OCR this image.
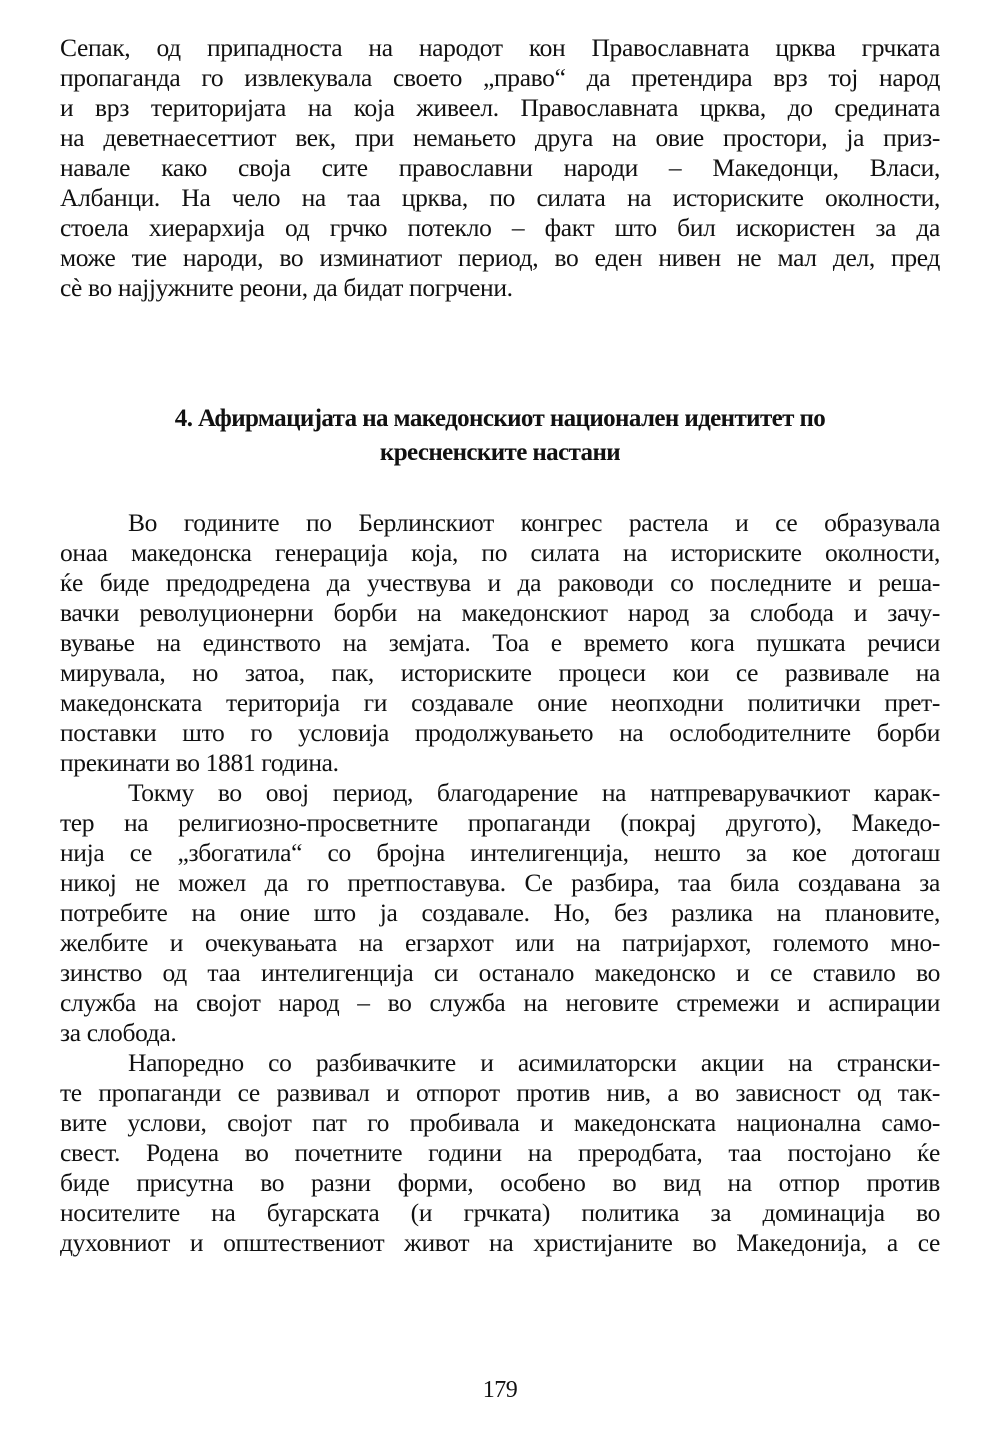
Сепак, од припадноста на народот кон Православната црква грчката
пропаганда го извлекувала своето „право“ да претендира врз тој народ
и врз територијата на која живеел. Православната црква, до средината
на деветнаесеттиот век, при немањето друга на овие простори, ја приз-
навале како своја сите православни народи – Македонци, Власи,
Албанци. На чело на таа црква, по силата на историските околности,
стоела хиерархија од грчко потекло – факт што бил искористен за да
може тие народи, во изминатиот период, во еден нивен не мал дел, пред
сè во најјужните реони, да бидат погрчени.
4. Афирмацијата на македонскиот национален идентитет по
кресненските настани
Во годините по Берлинскиот конгрес растела и се образувала
онаа македонска генерација која, по силата на историските околности,
ќе биде предодредена да учествува и да раководи со последните и реша-
вачки револуционерни борби на македонскиот народ за слобода и зачу-
вување на единството на земјата. Тоа е времето кога пушката речиси
мирувала, но затоа, пак, историските процеси кои се развивале на
македонската територија ги создавале оние неопходни политички прет-
поставки што го условија продолжувањето на ослободителните борби
прекинати во 1881 година.
Токму во овој период, благодарение на натпреварувачкиот карак-
тер на религиозно-просветните пропаганди (покрај другото), Македо-
нија се „збогатила“ со бројна интелигенција, нешто за кое дотогаш
никој не можел да го претпоставува. Се разбира, таа била создавана за
потребите на оние што ја создавале. Но, без разлика на плановите,
желбите и очекувањата на егзархот или на патријархот, големото мно-
зинство од таа интелигенција си останало македонско и се ставило во
служба на својот народ – во служба на неговите стремежи и аспирации
за слобода.
Напоредно со разбивачките и асимилаторски акции на странски-
те пропаганди се развивал и отпорот против нив, а во зависност од так-
вите услови, својот пат го пробивала и македонската национална само-
свест. Родена во почетните години на преродбата, таа постојано ќе
биде присутна во разни форми, особено во вид на отпор против
носителите на бугарската (и грчката) политика за доминација во
духовниот и општествениот живот на христијаните во Македонија, а се
179
